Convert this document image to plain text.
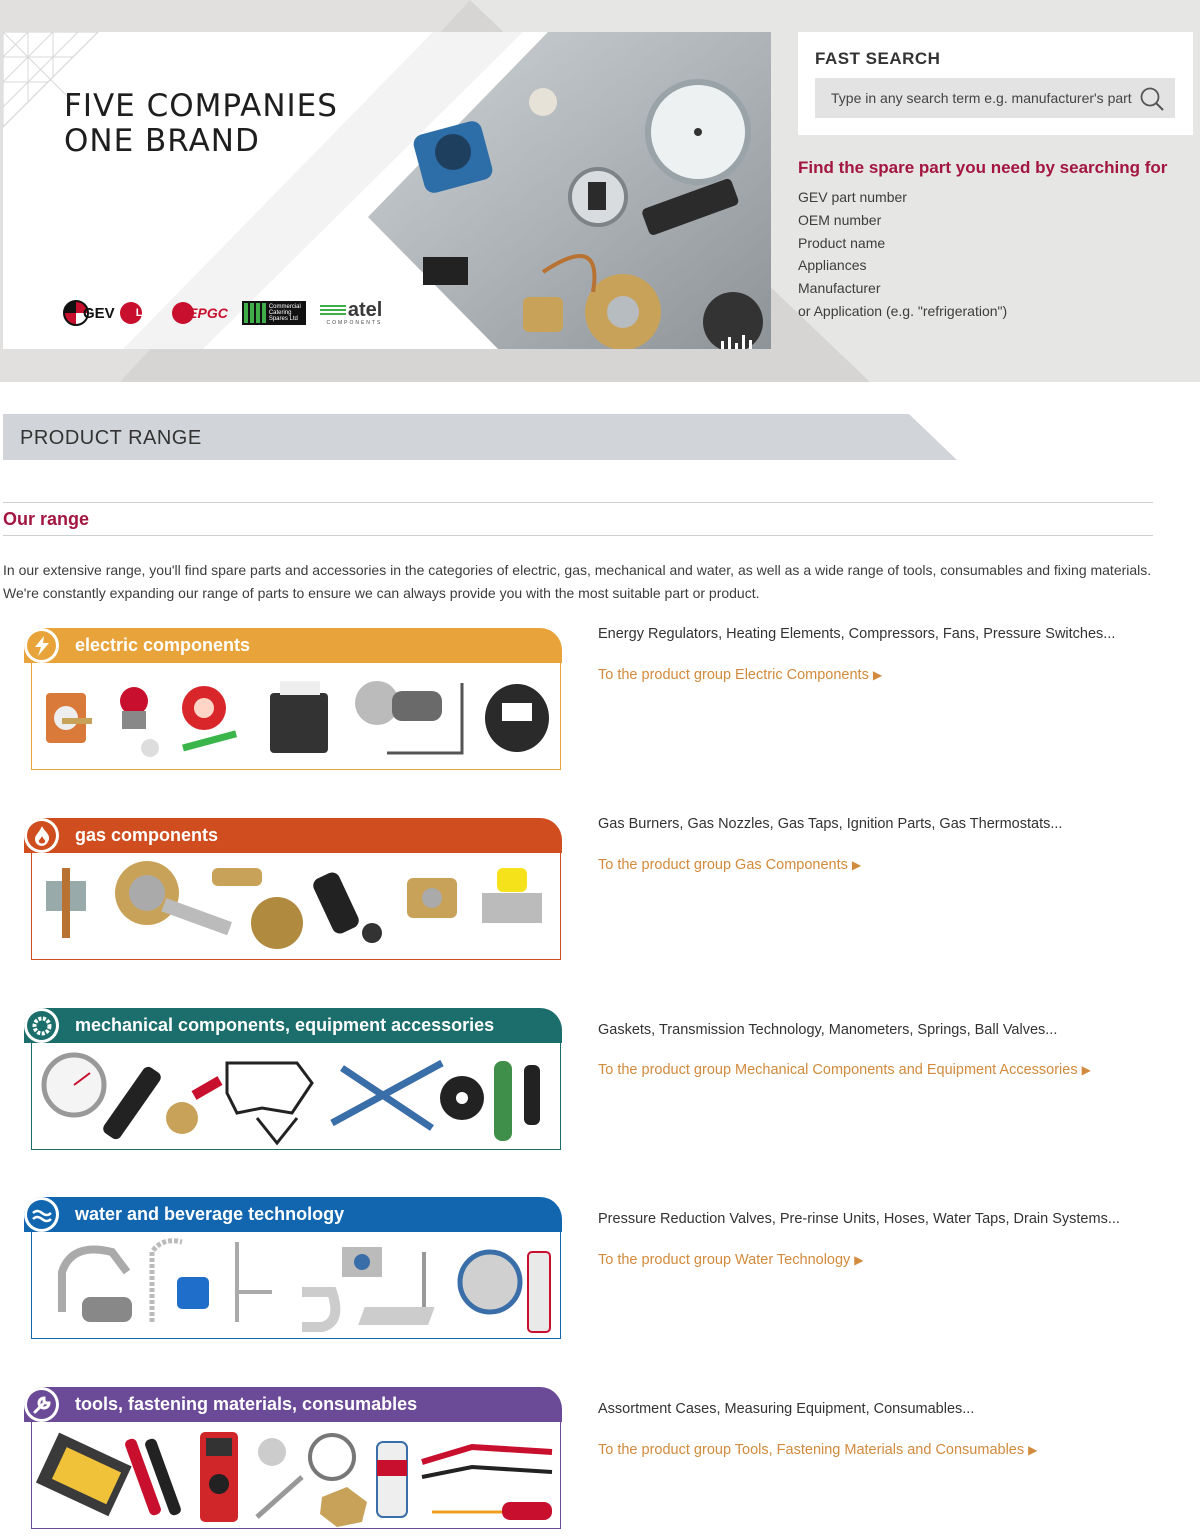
FIVE COMPANIES
ONE BRAND
GEV LF	EPGC	Commercial Catering Spares Ltd atel
COMPONENTS
FAST SEARCH
Type in any search term e.g. manufacturer's part number
Find the spare part you need by searching for
GEV part number
OEM number
Product name
Appliances
Manufacturer
or Application (e.g. "refrigeration")
PRODUCT RANGE
Our range
In our extensive range, you'll find spare parts and accessories in the categories of electric, gas, mechanical and water, as well as a wide range of tools, consumables and fixing materials. We're constantly expanding our range of parts to ensure we can always provide you with the most suitable part or product.
electric components
Energy Regulators, Heating Elements, Compressors, Fans, Pressure Switches...
To the product group Electric Components ▶
gas components
Gas Burners, Gas Nozzles, Gas Taps, Ignition Parts, Gas Thermostats...
To the product group Gas Components ▶
mechanical components, equipment accessories	Gaskets, Transmission Technology, Manometers, Springs, Ball Valves...
To the product group Mechanical Components and Equipment Accessories ▶
water and beverage technology	Pressure Reduction Valves, Pre-rinse Units, Hoses, Water Taps, Drain Systems...
To the product group Water Technology ▶
tools, fastening materials, consumables	Assortment Cases, Measuring Equipment, Consumables...
To the product group Tools, Fastening Materials and Consumables ▶
